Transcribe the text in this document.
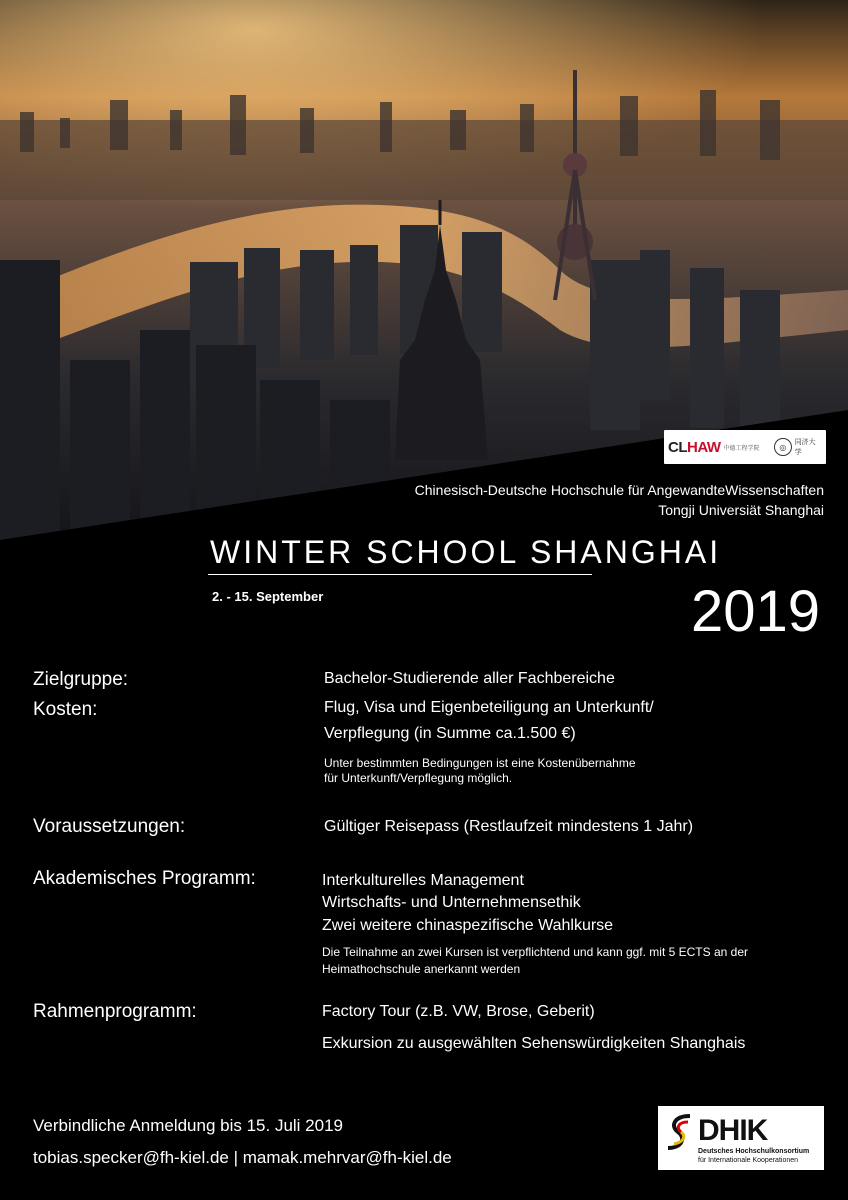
CL HAW 中德工程学院	◎	同济大学
Chinesisch-Deutsche Hochschule für AngewandteWissenschaften
Tongji Universiät Shanghai
WINTER SCHOOL SHANGHAI
2. - 15. September	2019
Zielgruppe:	Bachelor-Studierende aller Fachbereiche
Kosten:	Flug, Visa und Eigenbeteiligung an Unterkunft/
Verpflegung (in Summe ca.1.500 €)
Unter bestimmten Bedingungen ist eine Kostenübernahme
für Unterkunft/Verpflegung möglich.
Voraussetzungen:	Gültiger Reisepass (Restlaufzeit mindestens 1 Jahr)
Akademisches Programm:	Interkulturelles Management
Wirtschafts- und Unternehmensethik
Zwei weitere chinaspezifische Wahlkurse
Die Teilnahme an zwei Kursen ist verpflichtend und kann ggf. mit 5 ECTS an der
Heimathochschule anerkannt werden
Rahmenprogramm:	Factory Tour (z.B. VW, Brose, Geberit)
Exkursion zu ausgewählten Sehenswürdigkeiten Shanghais
Verbindliche Anmeldung bis 15. Juli 2019
tobias.specker@fh-kiel.de | mamak.mehrvar@fh-kiel.de
DHIK
Deutsches Hochschulkonsortium
für Internationale Kooperationen
